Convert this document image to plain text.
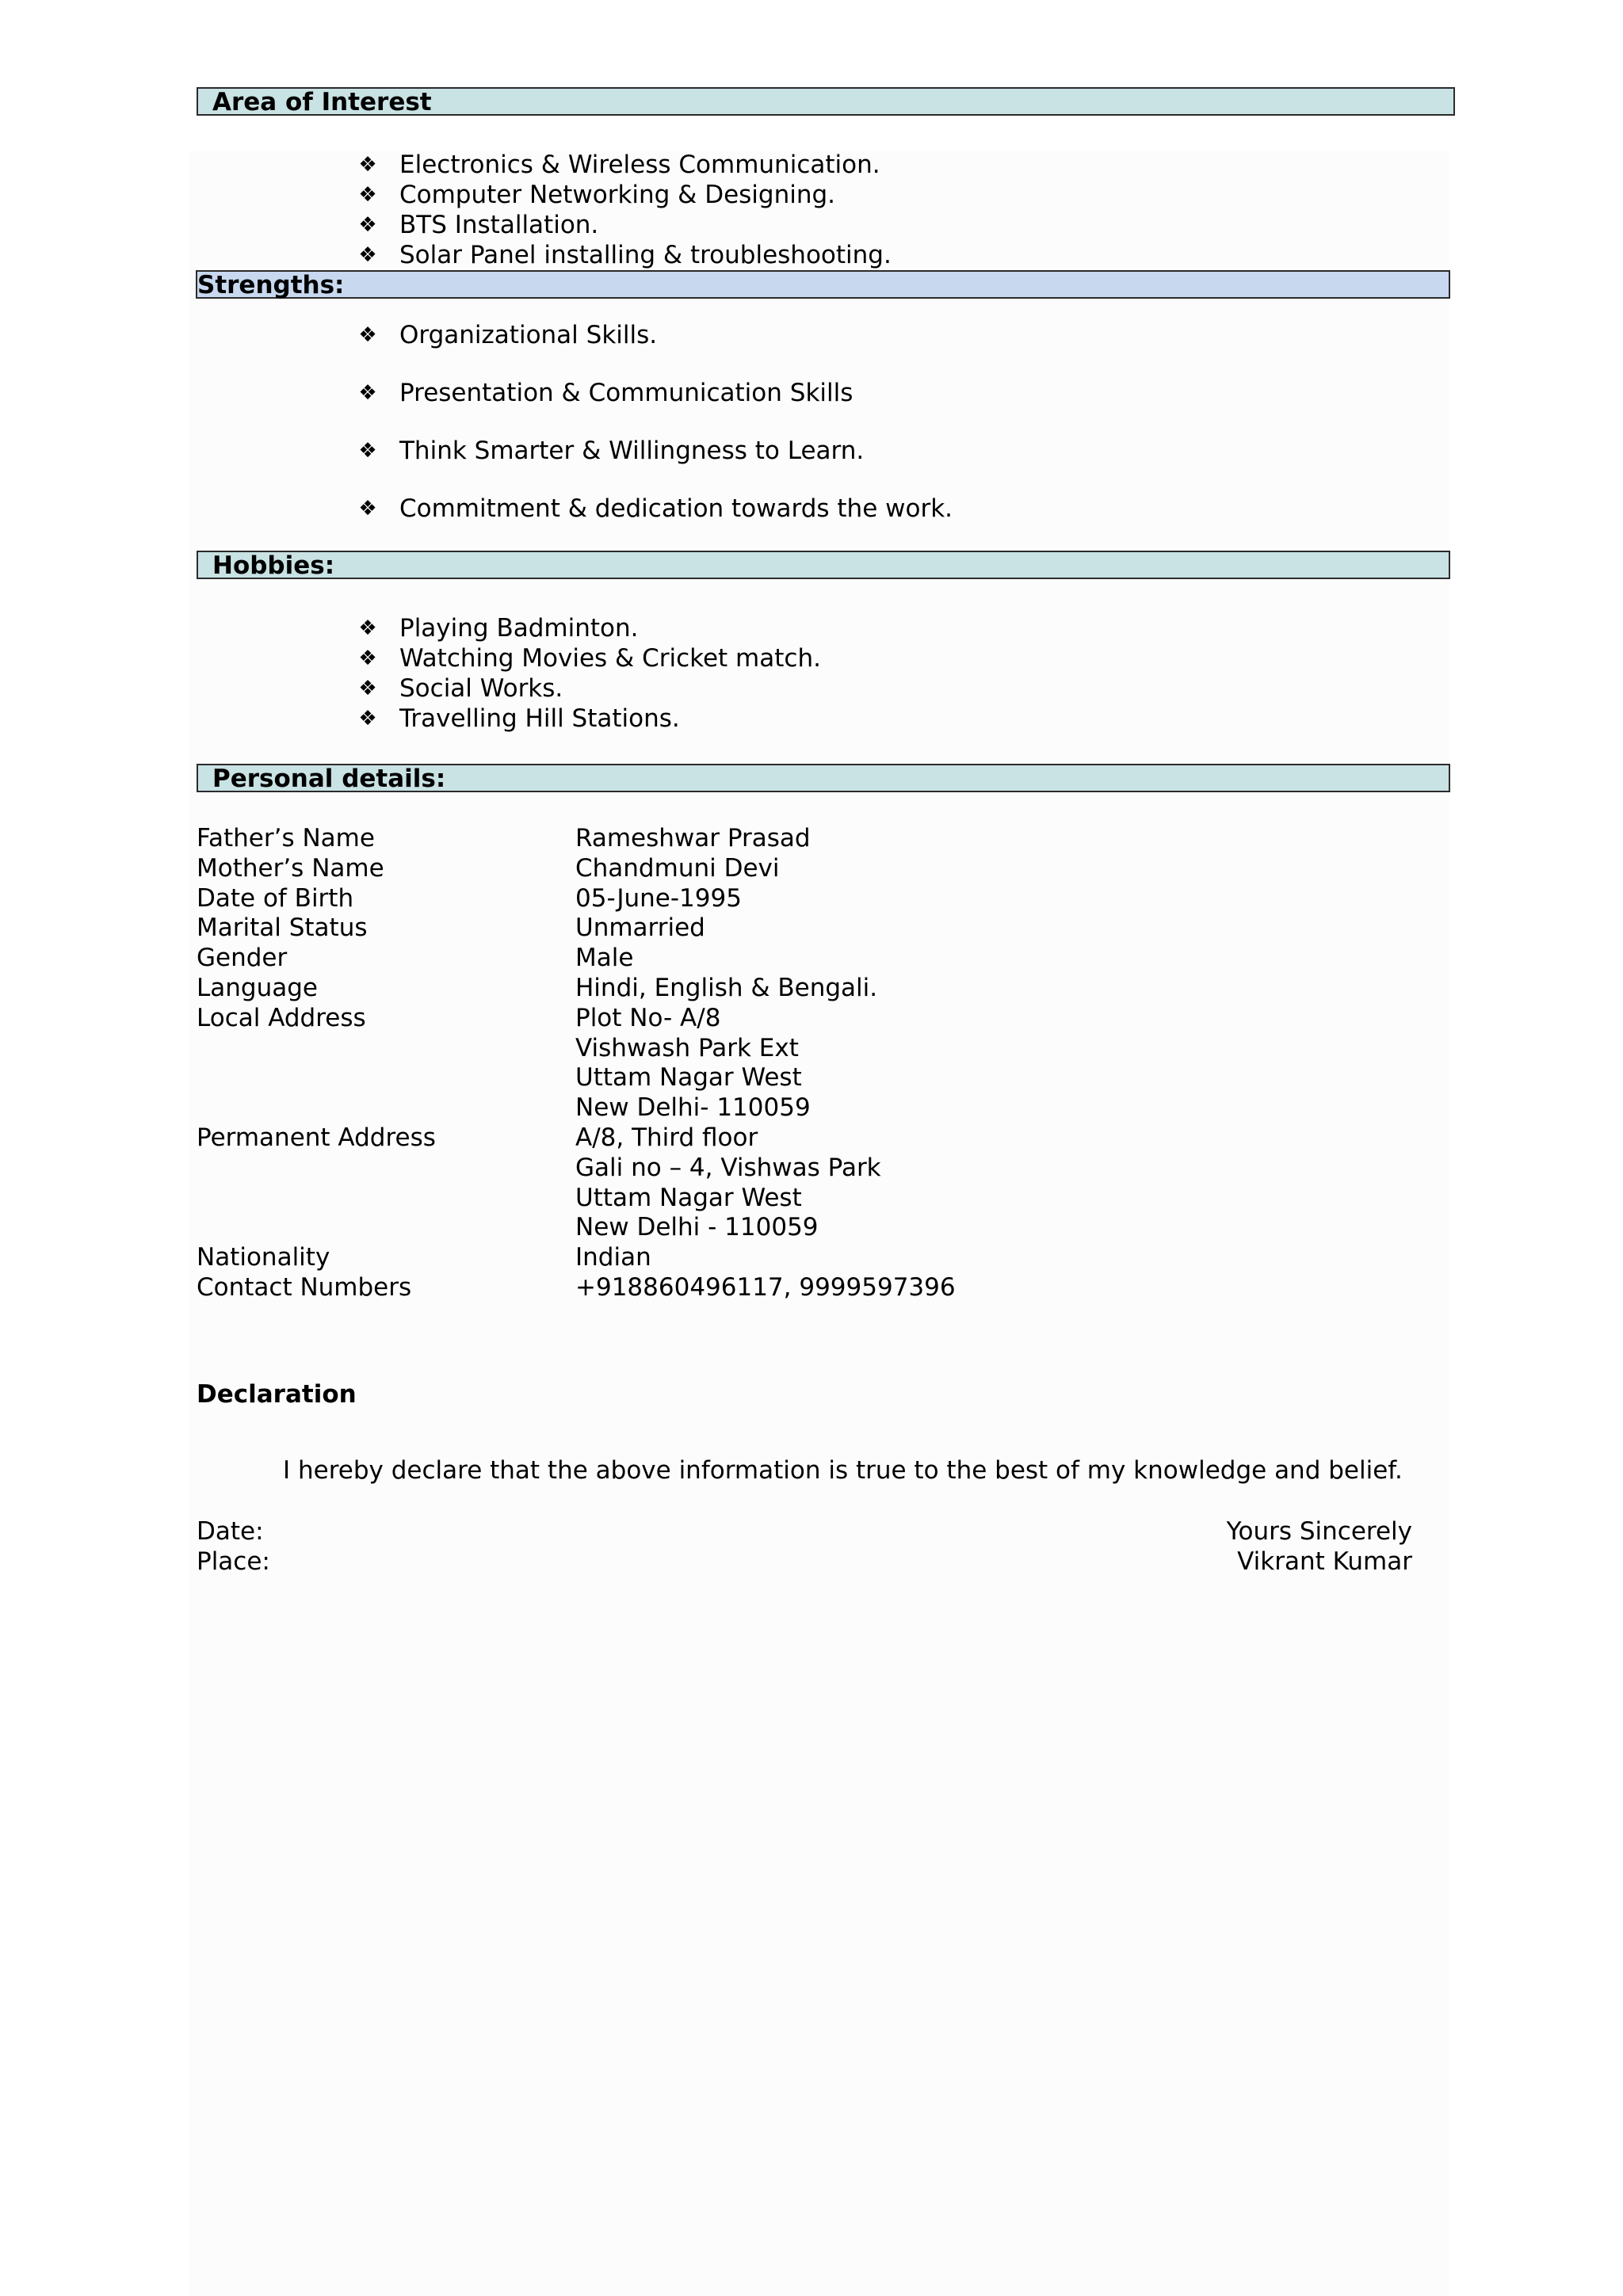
Area of Interest
❖ Electronics & Wireless Communication.
❖ Computer Networking & Designing.
❖ BTS Installation.
❖ Solar Panel installing & troubleshooting.
Strengths:
❖ Organizational Skills.
❖ Presentation & Communication Skills
❖ Think Smarter & Willingness to Learn.
❖ Commitment & dedication towards the work.
Hobbies:
❖ Playing Badminton.
❖ Watching Movies & Cricket match.
❖ Social Works.
❖ Travelling Hill Stations.
Personal details:
Father’s Name	Rameshwar Prasad
Mother’s Name	Chandmuni Devi
Date of Birth	05-June-1995
Marital Status	Unmarried
Gender	Male
Language	Hindi, English & Bengali.
Local Address	Plot No- A/8
Vishwash Park Ext
Uttam Nagar West
New Delhi- 110059
Permanent Address	A/8, Third floor
Gali no – 4, Vishwas Park
Uttam Nagar West
New Delhi - 110059
Nationality	Indian
Contact Numbers	+918860496117, 9999597396
Declaration
I hereby declare that the above information is true to the best of my knowledge and belief.
Date:
Place:
Yours Sincerely
Vikrant Kumar
